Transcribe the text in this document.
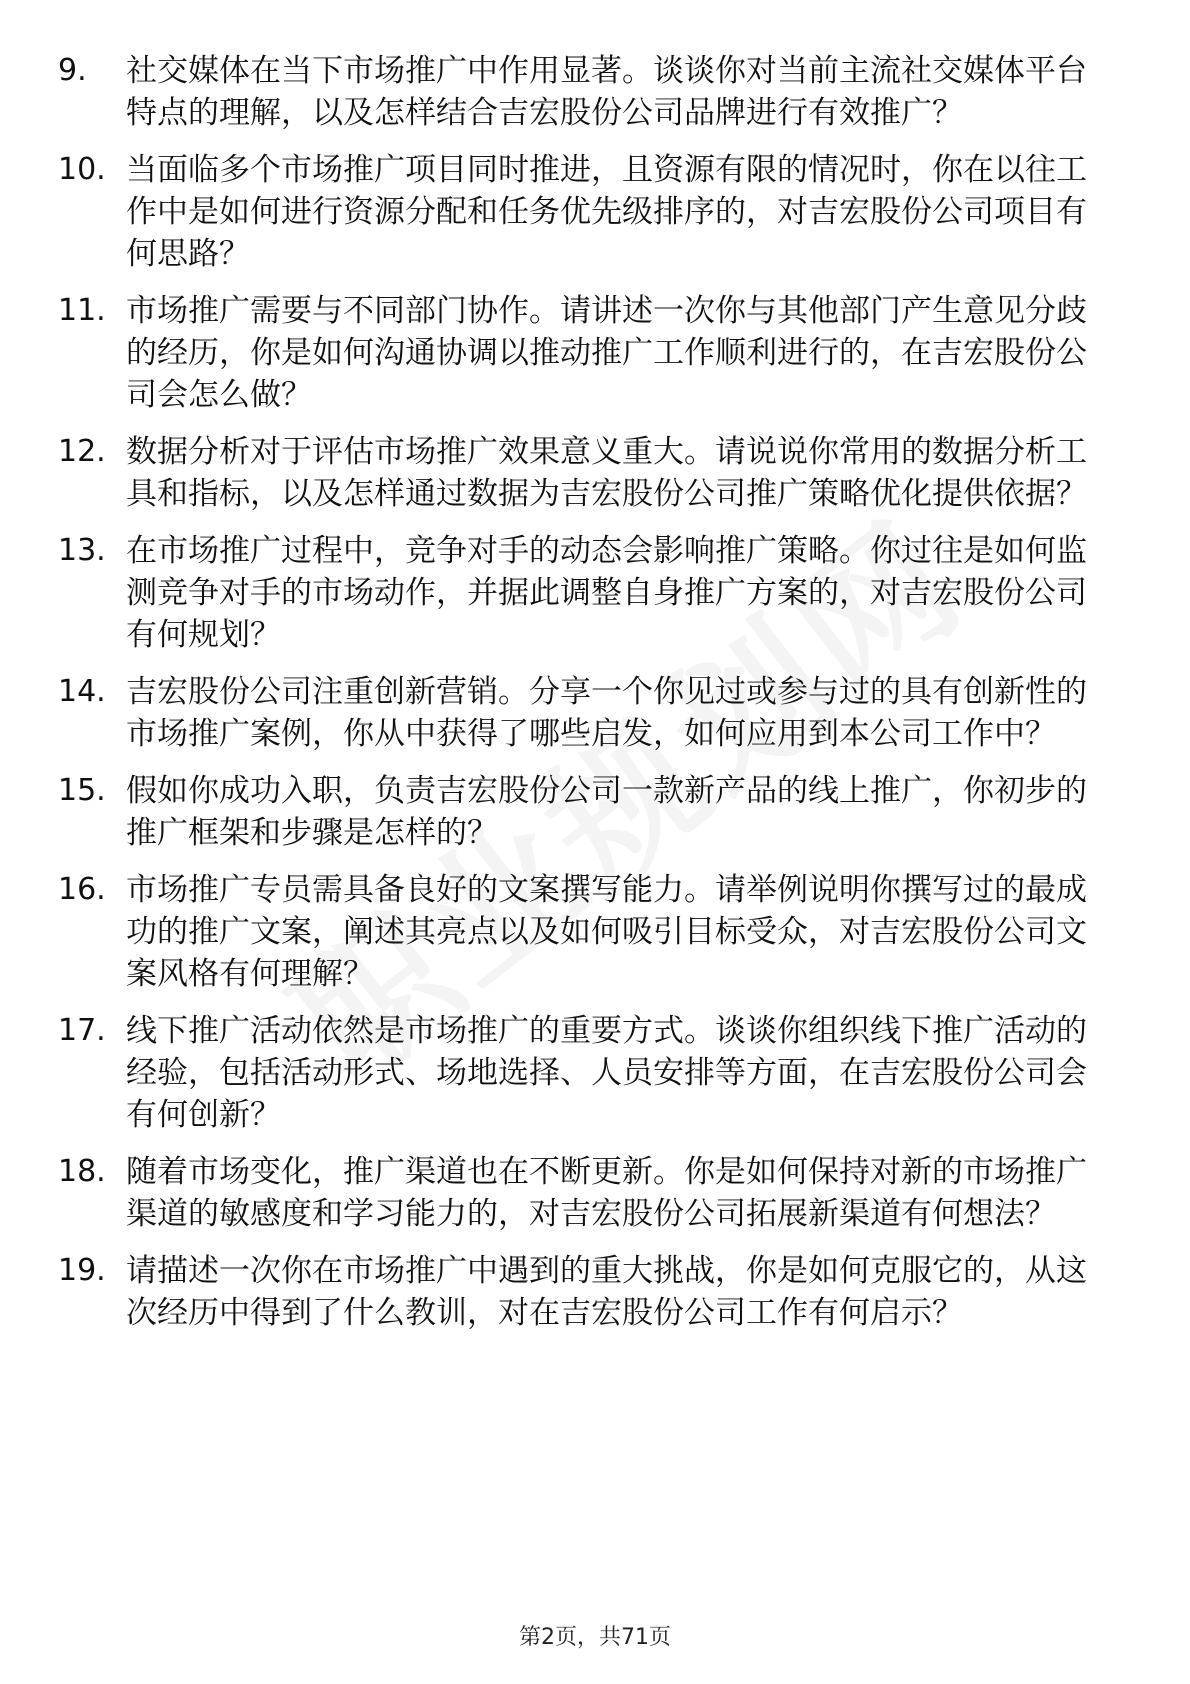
9.	社交媒体在当下市场推广中作用显著。谈谈你对当前主流社交媒体平台特点的理解，以及怎样结合吉宏股份公司品牌进行有效推广？
10. 当面临多个市场推广项目同时推进，且资源有限的情况时，你在以往工作中是如何进行资源分配和任务优先级排序的，对吉宏股份公司项目有何思路？
11. 市场推广需要与不同部门协作。请讲述一次你与其他部门产生意见分歧的经历，你是如何沟通协调以推动推广工作顺利进行的，在吉宏股份公司会怎么做？
12. 数据分析对于评估市场推广效果意义重大。请说说你常用的数据分析工具和指标，以及怎样通过数据为吉宏股份公司推广策略优化提供依据？
13. 在市场推广过程中，竞争对手的动态会影响推广策略。你过往是如何监测竞争对手的市场动作，并据此调整自身推广方案的，对吉宏股份公司有何规划？
14. 吉宏股份公司注重创新营销。分享一个你见过或参与过的具有创新性的市场推广案例，你从中获得了哪些启发，如何应用到本公司工作中？
15. 假如你成功入职，负责吉宏股份公司一款新产品的线上推广，你初步的推广框架和步骤是怎样的？
16. 市场推广专员需具备良好的文案撰写能力。请举例说明你撰写过的最成功的推广文案，阐述其亮点以及如何吸引目标受众，对吉宏股份公司文案风格有何理解？
17. 线下推广活动依然是市场推广的重要方式。谈谈你组织线下推广活动的经验，包括活动形式、场地选择、人员安排等方面，在吉宏股份公司会有何创新？
18. 随着市场变化，推广渠道也在不断更新。你是如何保持对新的市场推广渠道的敏感度和学习能力的，对吉宏股份公司拓展新渠道有何想法？
19. 请描述一次你在市场推广中遇到的重大挑战，你是如何克服它的，从这次经历中得到了什么教训，对在吉宏股份公司工作有何启示？
第2页，共71页
